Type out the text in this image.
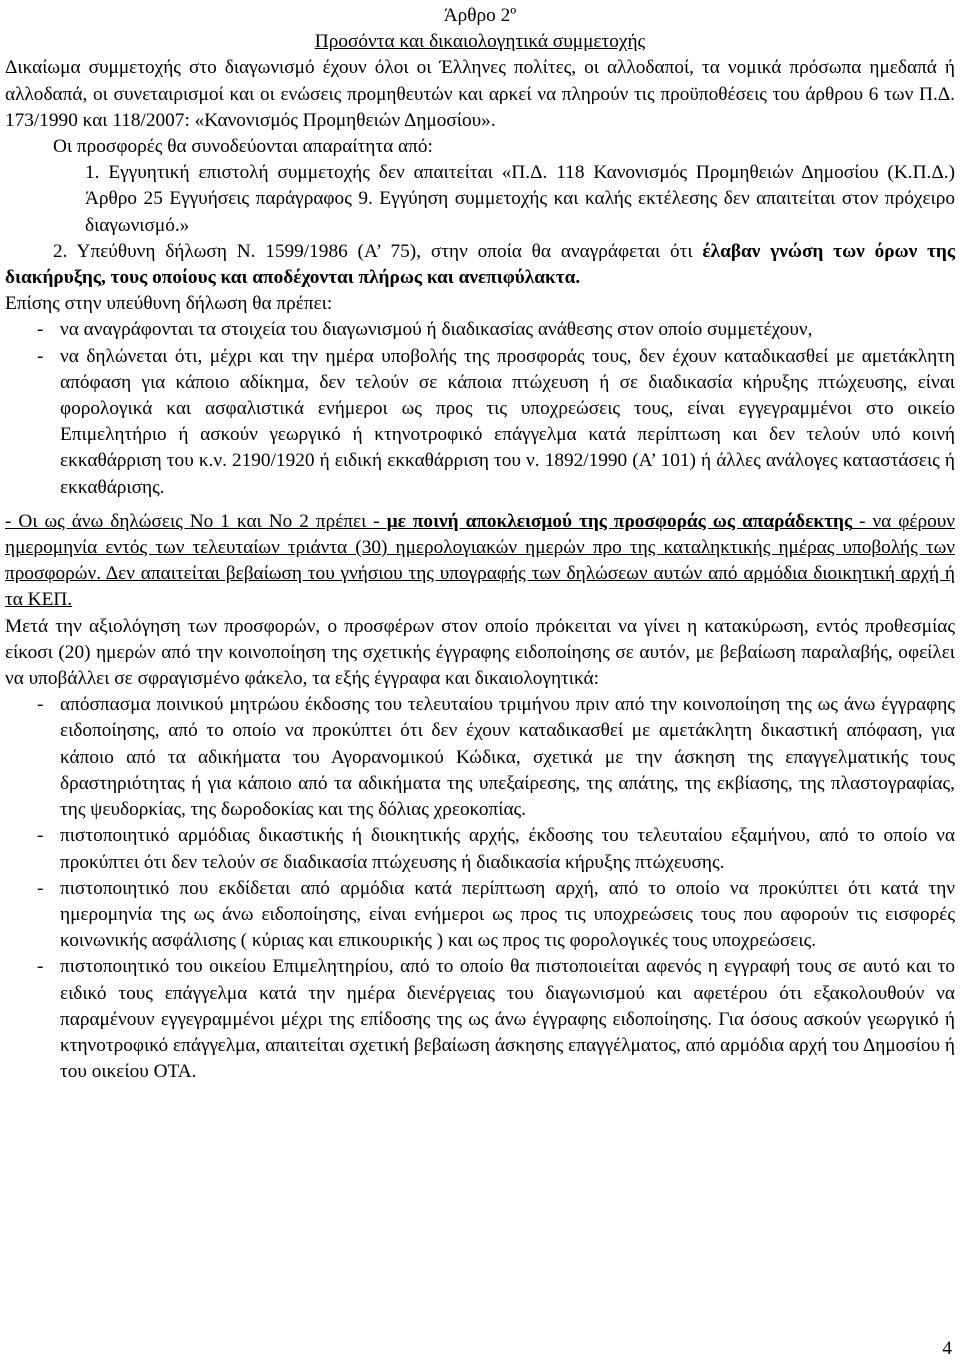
Άρθρο 2º

Προσόντα και δικαιολογητικά συμμετοχής

Δικαίωμα συμμετοχής στο διαγωνισμό έχουν όλοι οι Έλληνες πολίτες, οι αλλοδαποί, τα νομικά πρόσωπα ημεδαπά ή αλλοδαπά, οι συνεταιρισμοί και οι ενώσεις προμηθευτών και αρκεί να πληρούν τις προϋποθέσεις του άρθρου 6 των Π.Δ. 173/1990 και 118/2007: «Κανονισμός Προμηθειών Δημοσίου».

Οι προσφορές θα συνοδεύονται απαραίτητα από:

1. Εγγυητική επιστολή συμμετοχής δεν απαιτείται «Π.Δ. 118 Κανονισμός Προμηθειών Δημοσίου (Κ.Π.Δ.) Άρθρο 25 Εγγυήσεις παράγραφος 9. Εγγύηση συμμετοχής και καλής εκτέλεσης δεν απαιτείται στον πρόχειρο διαγωνισμό.»

2. Υπεύθυνη δήλωση Ν. 1599/1986 (Α’ 75), στην οποία θα αναγράφεται ότι έλαβαν γνώση των όρων της διακήρυξης, τους οποίους και αποδέχονται πλήρως και ανεπιφύλακτα.

Επίσης στην υπεύθυνη δήλωση θα πρέπει:

- να αναγράφονται τα στοιχεία του διαγωνισμού ή διαδικασίας ανάθεσης στον οποίο συμμετέχουν,
- να δηλώνεται ότι, μέχρι και την ημέρα υποβολής της προσφοράς τους, δεν έχουν καταδικασθεί με αμετάκλητη απόφαση για κάποιο αδίκημα, δεν τελούν σε κάποια πτώχευση ή σε διαδικασία κήρυξης πτώχευσης, είναι φορολογικά και ασφαλιστικά ενήμεροι ως προς τις υποχρεώσεις τους, είναι εγγεγραμμένοι στο οικείο Επιμελητήριο ή ασκούν γεωργικό ή κτηνοτροφικό επάγγελμα κατά περίπτωση και δεν τελούν υπό κοινή εκκαθάρριση του κ.ν. 2190/1920 ή ειδική εκκαθάρριση του ν. 1892/1990 (Α’ 101) ή άλλες ανάλογες καταστάσεις ή εκκαθάρισης.

- Οι ως άνω δηλώσεις Νο 1 και Νο 2 πρέπει - με ποινή αποκλεισμού της προσφοράς ως απαράδεκτης - να φέρουν ημερομηνία εντός των τελευταίων τριάντα (30) ημερολογιακών ημερών προ της καταληκτικής ημέρας υποβολής των προσφορών. Δεν απαιτείται βεβαίωση του γνήσιου της υπογραφής των δηλώσεων αυτών από αρμόδια διοικητική αρχή ή τα ΚΕΠ.

Μετά την αξιολόγηση των προσφορών, ο προσφέρων στον οποίο πρόκειται να γίνει η κατακύρωση, εντός προθεσμίας είκοσι (20) ημερών από την κοινοποίηση της σχετικής έγγραφης ειδοποίησης σε αυτόν, με βεβαίωση παραλαβής, οφείλει να υποβάλλει σε σφραγισμένο φάκελο, τα εξής έγγραφα και δικαιολογητικά:

- απόσπασμα ποινικού μητρώου έκδοσης του τελευταίου τριμήνου πριν από την κοινοποίηση της ως άνω έγγραφης ειδοποίησης, από το οποίο να προκύπτει ότι δεν έχουν καταδικασθεί με αμετάκλητη δικαστική απόφαση, για κάποιο από τα αδικήματα του Αγορανομικού Κώδικα, σχετικά με την άσκηση της επαγγελματικής τους δραστηριότητας ή για κάποιο από τα αδικήματα της υπεξαίρεσης, της απάτης, της εκβίασης, της πλαστογραφίας, της ψευδορκίας, της δωροδοκίας και της δόλιας χρεοκοπίας.
- πιστοποιητικό αρμόδιας δικαστικής ή διοικητικής αρχής, έκδοσης του τελευταίου εξαμήνου, από το οποίο να προκύπτει ότι δεν τελούν σε διαδικασία πτώχευσης ή διαδικασία κήρυξης πτώχευσης.
- πιστοποιητικό που εκδίδεται από αρμόδια κατά περίπτωση αρχή, από το οποίο να προκύπτει ότι κατά την ημερομηνία της ως άνω ειδοποίησης, είναι ενήμεροι ως προς τις υποχρεώσεις τους που αφορούν τις εισφορές κοινωνικής ασφάλισης ( κύριας και επικουρικής ) και ως προς τις φορολογικές τους υποχρεώσεις.
- πιστοποιητικό του οικείου Επιμελητηρίου, από το οποίο θα πιστοποιείται αφενός η εγγραφή τους σε αυτό και το ειδικό τους επάγγελμα κατά την ημέρα διενέργειας του διαγωνισμού και αφετέρου ότι εξακολουθούν να παραμένουν εγγεγραμμένοι μέχρι της επίδοσης της ως άνω έγγραφης ειδοποίησης. Για όσους ασκούν γεωργικό ή κτηνοτροφικό επάγγελμα, απαιτείται σχετική βεβαίωση άσκησης επαγγέλματος, από αρμόδια αρχή του Δημοσίου ή του οικείου ΟΤΑ.
4
